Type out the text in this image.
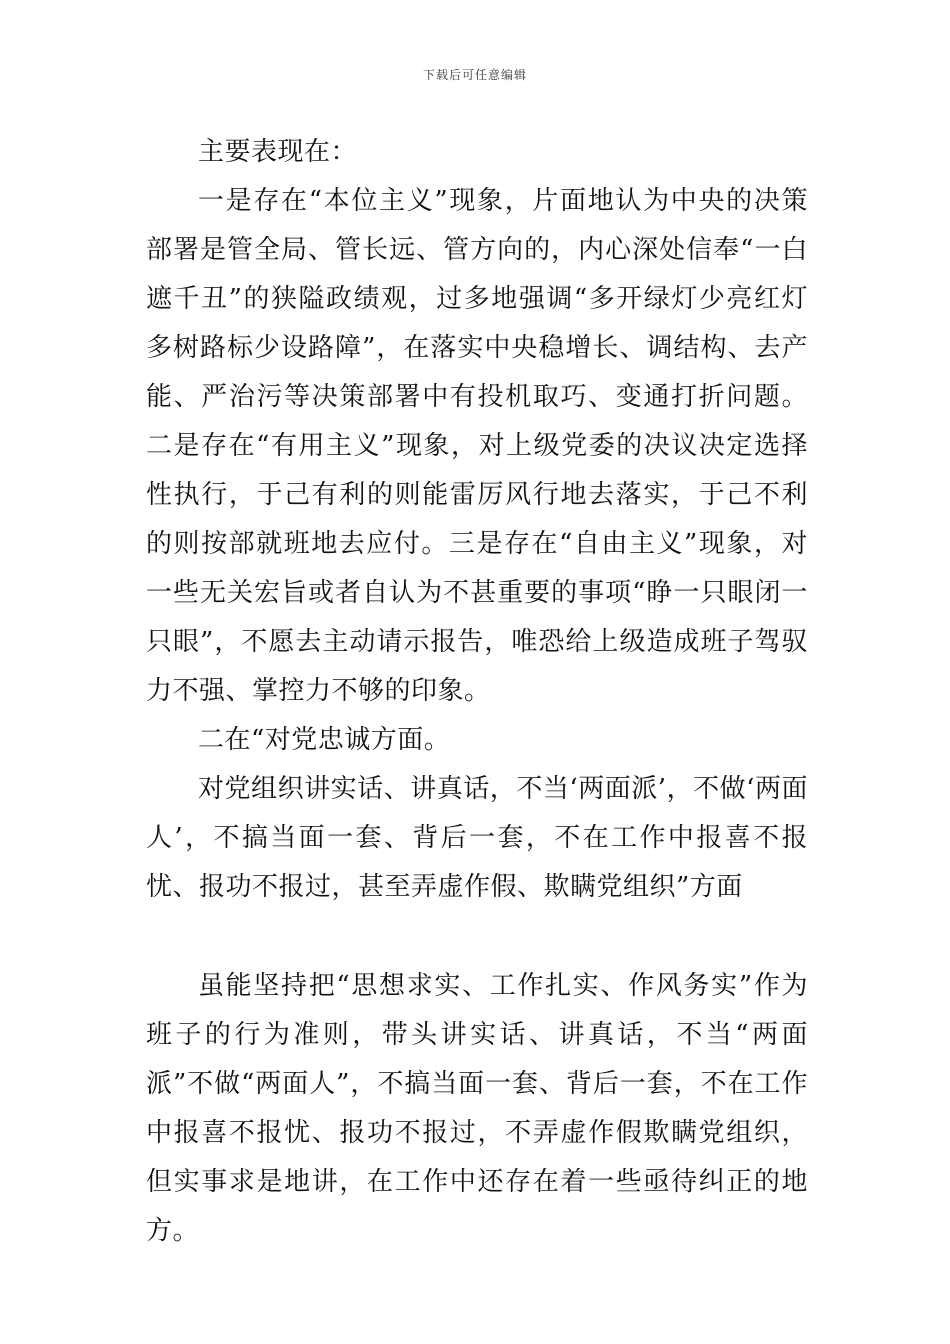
下载后可任意编辑

主要表现在：

一是存在“本位主义”现象，片面地认为中央的决策部署是管全局、管长远、管方向的，内心深处信奉“一白遮千丑”的狭隘政绩观，过多地强调“多开绿灯少亮红灯多树路标少设路障”，在落实中央稳增长、调结构、去产能、严治污等决策部署中有投机取巧、变通打折问题。二是存在“有用主义”现象，对上级党委的决议决定选择性执行，于己有利的则能雷厉风行地去落实，于己不利的则按部就班地去应付。三是存在“自由主义”现象，对一些无关宏旨或者自认为不甚重要的事项“睁一只眼闭一只眼”，不愿去主动请示报告，唯恐给上级造成班子驾驭力不强、掌控力不够的印象。

二在“对党忠诚方面。

对党组织讲实话、讲真话，不当‘两面派’，不做‘两面人’，不搞当面一套、背后一套，不在工作中报喜不报忧、报功不报过，甚至弄虚作假、欺瞒党组织”方面

虽能坚持把“思想求实、工作扎实、作风务实”作为班子的行为准则，带头讲实话、讲真话，不当“两面派”不做“两面人”，不搞当面一套、背后一套，不在工作中报喜不报忧、报功不报过，不弄虚作假欺瞒党组织，但实事求是地讲，在工作中还存在着一些亟待纠正的地方。
